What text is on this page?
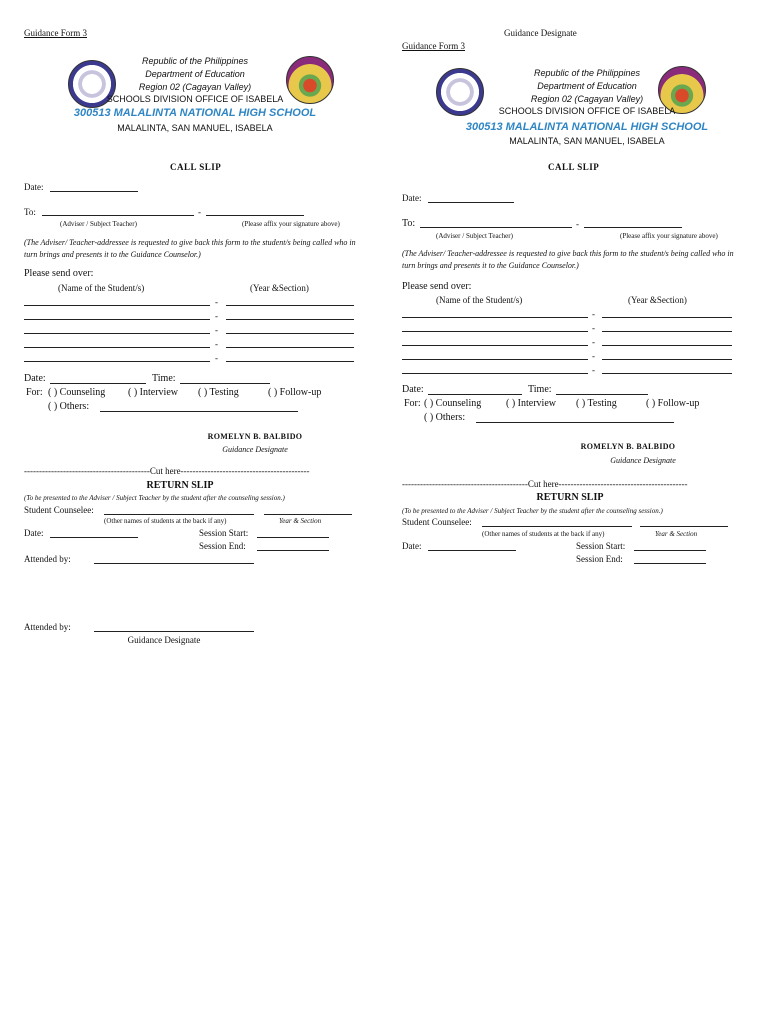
Guidance Form 3
Republic of the Philippines
Department of Education
Region 02 (Cagayan Valley)
SCHOOLS DIVISION OFFICE OF ISABELA
300513 MALALINTA NATIONAL HIGH SCHOOL
MALALINTA, SAN MANUEL, ISABELA
CALL SLIP
Date:
To:	-
(Adviser / Subject Teacher)	(Please affix your signature above)
(The Adviser/ Teacher-addressee is requested to give back this form to the student/s being called who in turn brings and presents it to the Guidance Counselor.)
Please send over:
(Name of the Student/s)	(Year &Section)
-
-
-
-
-
Date:	Time:
For: ( ) Counseling ( ) Interview ( ) Testing	( ) Follow-up
( ) Others:
ROMELYN B. BALBIDO
Guidance Designate
------------------------------------------Cut here-------------------------------------------
RETURN SLIP
(To be presented to the Adviser / Subject Teacher by the student after the counseling session.)
Student Counselee:
(Other names of students at the back if any)	Year & Section
Date:	Session Start:
Session End:
Attended by:
Attended by:
Guidance Designate
Guidance Designate
Guidance Form 3
Republic of the Philippines
Department of Education
Region 02 (Cagayan Valley)
SCHOOLS DIVISION OFFICE OF ISABELA
300513 MALALINTA NATIONAL HIGH SCHOOL
MALALINTA, SAN MANUEL, ISABELA
CALL SLIP
Date:
To:	-
(Adviser / Subject Teacher)	(Please affix your signature above)
(The Adviser/ Teacher-addressee is requested to give back this form to the student/s being called who in turn brings and presents it to the Guidance Counselor.)
Please send over:
(Name of the Student/s)	(Year &Section)
-
-
-
-
-
Date:	Time:
For: ( ) Counseling ( ) Interview ( ) Testing	( ) Follow-up
( ) Others:
ROMELYN B. BALBIDO
Guidance Designate
------------------------------------------Cut here-------------------------------------------
RETURN SLIP
(To be presented to the Adviser / Subject Teacher by the student after the counseling session.)
Student Counselee:
(Other names of students at the back if any)	Year & Section
Date:	Session Start:
Session End:
